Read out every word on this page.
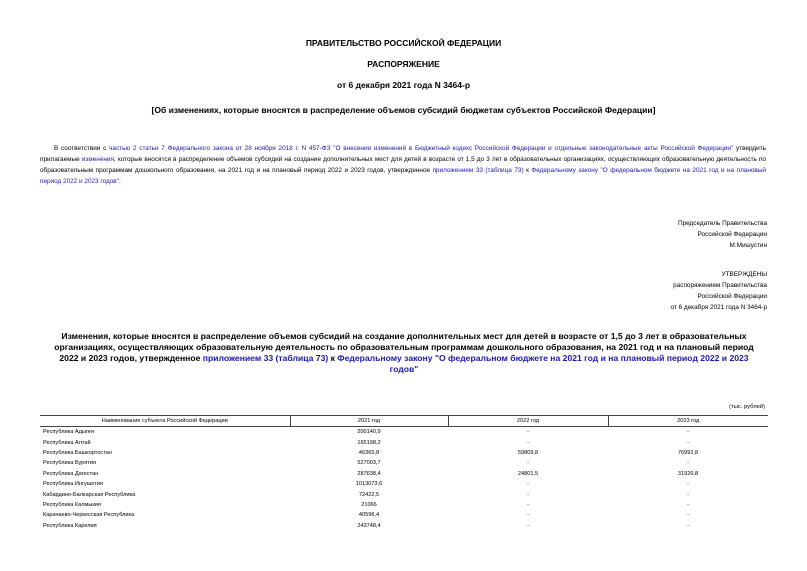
ПРАВИТЕЛЬСТВО РОССИЙСКОЙ ФЕДЕРАЦИИ
РАСПОРЯЖЕНИЕ
от 6 декабря 2021 года N 3464-р
[Об изменениях, которые вносятся в распределение объемов субсидий бюджетам субъектов Российской Федерации]
В соответствии с частью 2 статьи 7 Федерального закона от 28 ноября 2018 г. N 457-ФЗ "О внесении изменений в Бюджетный кодекс Российской Федерации и отдельные законодательные акты Российской Федерации" утвердить прилагаемые изменения, которые вносятся в распределение объемов субсидий на создание дополнительных мест для детей в возрасте от 1,5 до 3 лет в образовательных организациях, осуществляющих образовательную деятельность по образовательным программам дошкольного образования, на 2021 год и на плановый период 2022 и 2023 годов, утвержденное приложением 33 (таблица 73) к Федеральному закону "О федеральном бюджете на 2021 год и на плановый период 2022 и 2023 годов".
Председатель Правительства
Российской Федерации
М.Мишустин
УТВЕРЖДЕНЫ
распоряжением Правительства
Российской Федерации
от 6 декабря 2021 года N 3464-р
Изменения, которые вносятся в распределение объемов субсидий на создание дополнительных мест для детей в возрасте от 1,5 до 3 лет в образовательных организациях, осуществляющих образовательную деятельность по образовательным программам дошкольного образования, на 2021 год и на плановый период 2022 и 2023 годов, утвержденное приложением 33 (таблица 73) к Федеральному закону "О федеральном бюджете на 2021 год и на плановый период 2022 и 2023 годов"
(тыс. рублей)
Наименование субъекта Российской Федерации	2021 год	2022 год	2023 год
Республика Адыгея	200140,9	-	-
Республика Алтай	165198,2	-	-
Республика Башкортостан	46365,8	59809,8	76992,8
Республика Бурятия	527003,7	-	-
Республика Дагестан	287638,4	24801,5	31926,8
Республика Ингушетия	1013073,6	-	-
Кабардино-Балкарская Республика	72422,5	-	-
Республика Калмыкия	21066	-	-
Карачаево-Черкесская Республика	40596,4	-	-
Республика Карелия	243748,4	-	-
